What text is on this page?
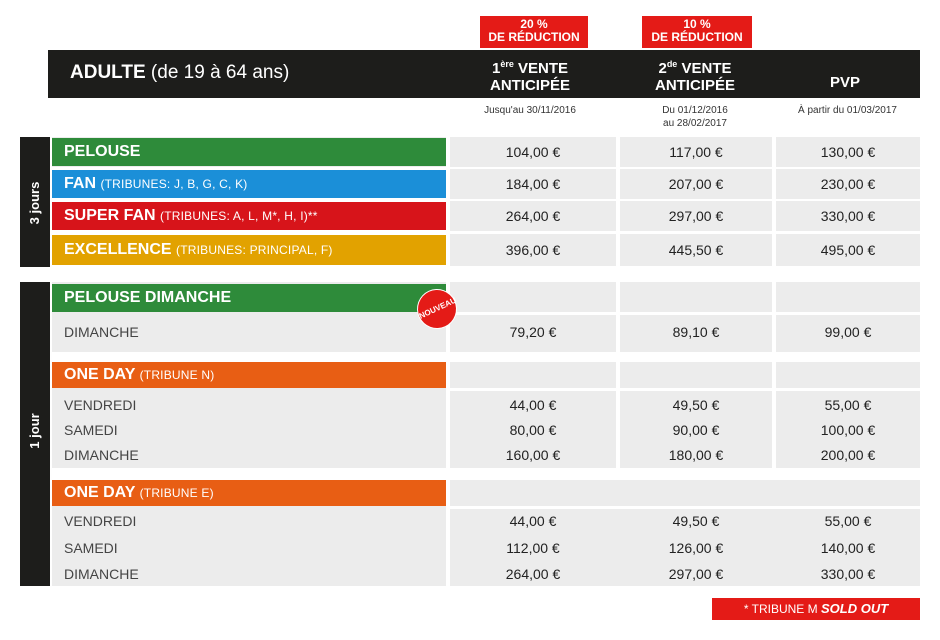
20 %
DE RÉDUCTION
10 %
DE RÉDUCTION
ADULTE (de 19 à 64 ans)	1ère VENTE
ANTICIPÉE
2de VENTE
ANTICIPÉE	PVP
Jusqu'au 30/11/2016	Du 01/12/2016
au 28/02/2017
À partir du 01/03/2017
3 jours
1 jour
PELOUSE	104,00 €	117,00 €	130,00 €
FAN (TRIBUNES: J, B, G, C, K)	184,00 €	207,00 €	230,00 €
SUPER FAN (TRIBUNES: A, L, M*, H, I)**	264,00 €	297,00 €	330,00 €
EXCELLENCE (TRIBUNES: PRINCIPAL, F)	396,00 €	445,50 €	495,00 €
PELOUSE DIMANCHE	NOUVEAU
DIMANCHE	79,20 €	89,10 €	99,00 €
ONE DAY (TRIBUNE N)
VENDREDI	44,00 €	49,50 €	55,00 €
SAMEDI	80,00 €	90,00 €	100,00 €
DIMANCHE	160,00 €	180,00 €	200,00 €
ONE DAY (TRIBUNE E)
VENDREDI	44,00 €	49,50 €	55,00 €
SAMEDI	112,00 €	126,00 €	140,00 €
DIMANCHE	264,00 €	297,00 €	330,00 €
* TRIBUNE M SOLD OUT
